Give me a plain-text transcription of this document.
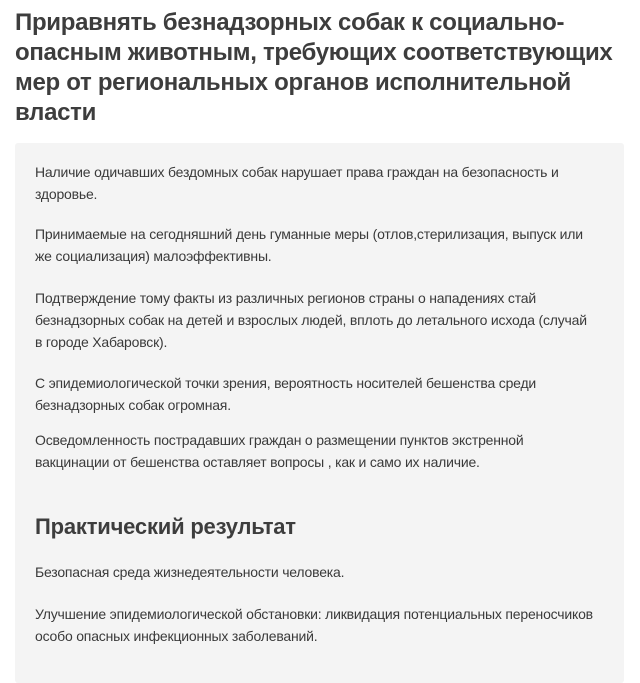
Приравнять безнадзорных собак к социально-опасным животным, требующих соответствующих мер от региональных органов исполнительной власти

Наличие одичавших бездомных собак нарушает права граждан на безопасность и здоровье.

Принимаемые на сегодняшний день гуманные меры (отлов,стерилизация, выпуск или же социализация) малоэффективны.

Подтверждение тому факты из различных регионов страны о нападениях стай безнадзорных собак на детей и взрослых людей, вплоть до летального исхода (случай в городе Хабаровск).

С эпидемиологической точки зрения, вероятность носителей бешенства среди безнадзорных собак огромная.

Осведомленность пострадавших граждан о размещении пунктов экстренной вакцинации от бешенства оставляет вопросы , как и само их наличие.

Практический результат

Безопасная среда жизнедеятельности человека.

Улучшение эпидемиологической обстановки: ликвидация потенциальных переносчиков особо опасных инфекционных заболеваний.
